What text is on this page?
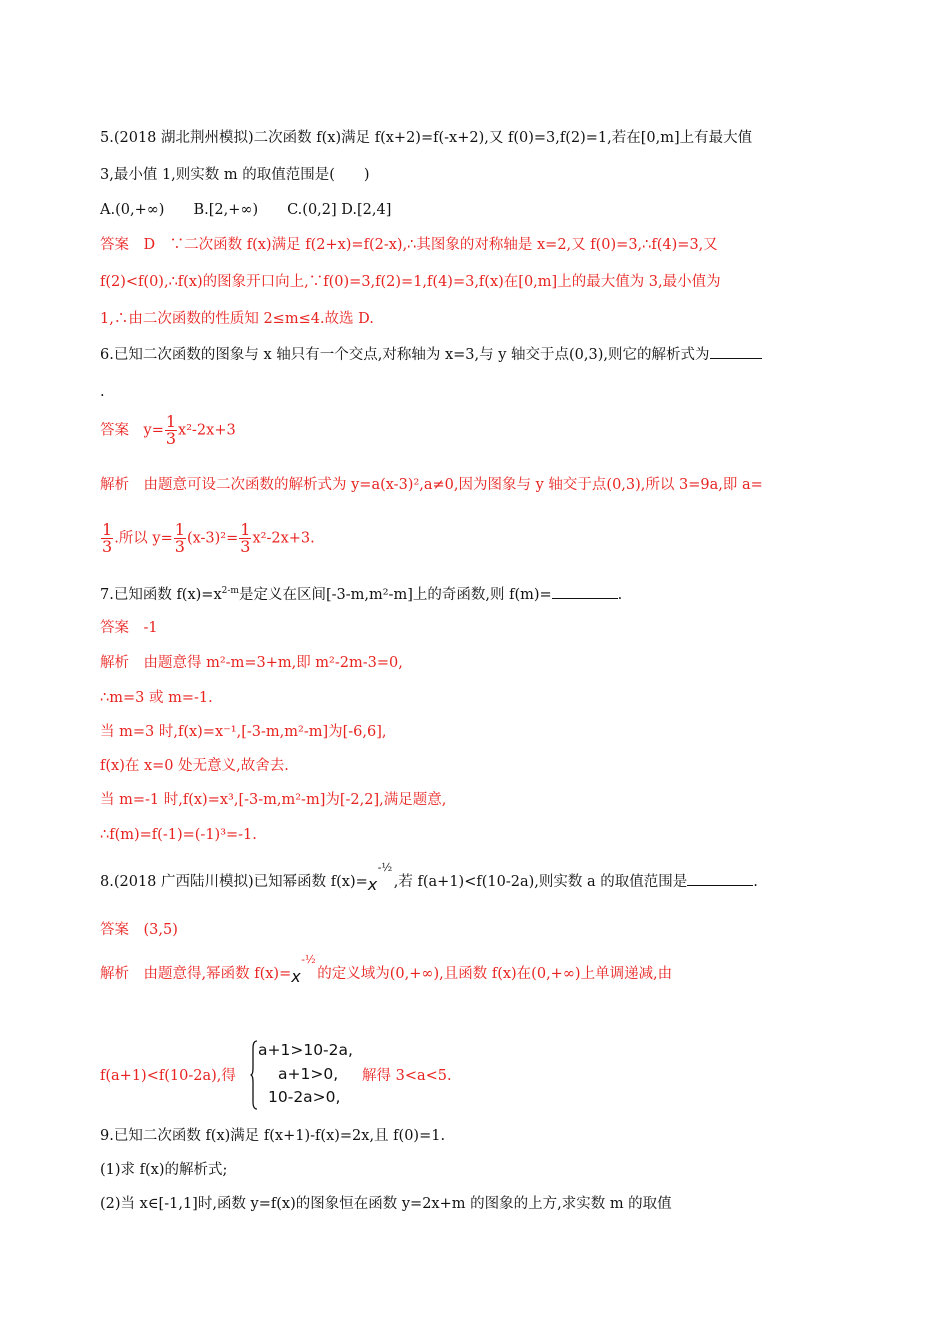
5.(2018 湖北荆州模拟)二次函数 f(x)满足 f(x+2)=f(-x+2),又 f(0)=3,f(2)=1,若在[0,m]上有最大值
3,最小值 1,则实数 m 的取值范围是(　　)
A.(0,+∞)　　B.[2,+∞)　　C.(0,2] D.[2,4]
答案　D　∵二次函数 f(x)满足 f(2+x)=f(2-x),∴其图象的对称轴是 x=2,又 f(0)=3,∴f(4)=3,又
f(2)<f(0),∴f(x)的图象开口向上,∵f(0)=3,f(2)=1,f(4)=3,f(x)在[0,m]上的最大值为 3,最小值为
1,∴由二次函数的性质知 2≤m≤4.故选 D.
6.已知二次函数的图象与 x 轴只有一个交点,对称轴为 x=3,与 y 轴交于点(0,3),则它的解析式为
.
答案　$y= \frac{1}{3} x^2-2x+3$
解析　由题意可设二次函数的解析式为 y=a(x-3)²,a≠0,因为图象与 y 轴交于点(0,3),所以 3=9a,即 a=
$\frac{1}{3}$ .所以 $y= \frac{1}{3} (x-3)^2= \frac{1}{3} x^2-2x+3$.
7.已知函数 $f(x)=x^{2-m}$是定义在区间[-3-m,m²-m]上的奇函数,则 f(m)=	.
答案　-1
解析　由题意得 m²-m=3+m,即 m²-2m-3=0,
∴m=3 或 m=-1.
当 m=3 时,f(x)=x⁻¹,[-3-m,m²-m]为[-6,6],
f(x)在 x=0 处无意义,故舍去.
当 m=-1 时,f(x)=x³,[-3-m,m²-m]为[-2,2],满足题意,
∴f(m)=f(-1)=(-1)³=-1.
8.(2018 广西陆川模拟)已知幂函数 f(x)= x
-½
,若 f(a+1)<f(10-2a),则实数 a 的取值范围是	.
答案　(3,5)
解析　由题意得,幂函数 f(x)= x
-½
的定义域为(0,+∞),且函数 f(x)在(0,+∞)上单调递减,由
f(a+1)<f(10-2a),得
a+1>10-2a,
a+1>0,
10-2a>0,
解得 3<a<5.
9.已知二次函数 f(x)满足 f(x+1)-f(x)=2x,且 f(0)=1.
(1)求 f(x)的解析式;
(2)当 x∈[-1,1]时,函数 y=f(x)的图象恒在函数 y=2x+m 的图象的上方,求实数 m 的取值
